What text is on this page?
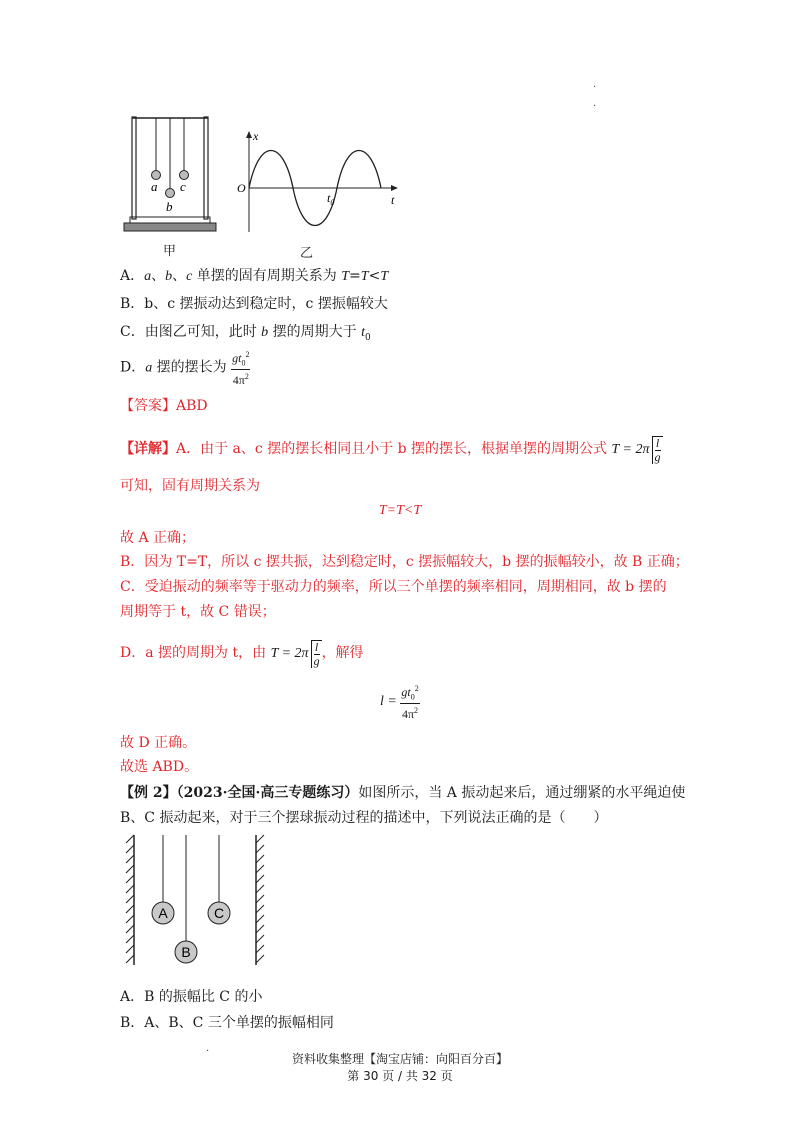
·
·
a
b
c
甲
x
O
t
$t_0$
乙
A．a、b、c 单摆的固有周期关系为 T=T<T
B．b、c 摆振动达到稳定时，c 摆振幅较大
C．由图乙可知，此时 b 摆的周期大于 $t_0$
D．a 摆的摆长为 $\frac{gt_0^2}{4\pi^2}$
【答案】ABD
【详解】A．由于 a、c 摆的摆长相同且小于 b 摆的摆长，根据单摆的周期公式 $T = 2\pi \frac{l}{g}$
可知，固有周期关系为
T=T<T
故 A 正确；
B．因为 T=T，所以 c 摆共振，达到稳定时，c 摆振幅较大，b 摆的振幅较小，故 B 正确；
C．受迫振动的频率等于驱动力的频率，所以三个单摆的频率相同，周期相同，故 b 摆的
周期等于 t，故 C 错误；
D．a 摆的周期为 t，由 $T = 2\pi \frac{l}{g}$ ，解得
$l = \frac{gt_0^2}{4\pi^2}$
故 D 正确。
故选 ABD。
【例 2】（2023·全国·高三专题练习）如图所示，当 A 振动起来后，通过绷紧的水平绳迫使
B、C 振动起来，对于三个摆球振动过程的描述中，下列说法正确的是（　　）
A
B
C
A．B 的振幅比 C 的小
B．A、B、C 三个单摆的振幅相同
·
资料收集整理【淘宝店铺：向阳百分百】
第 30 页 / 共 32 页
